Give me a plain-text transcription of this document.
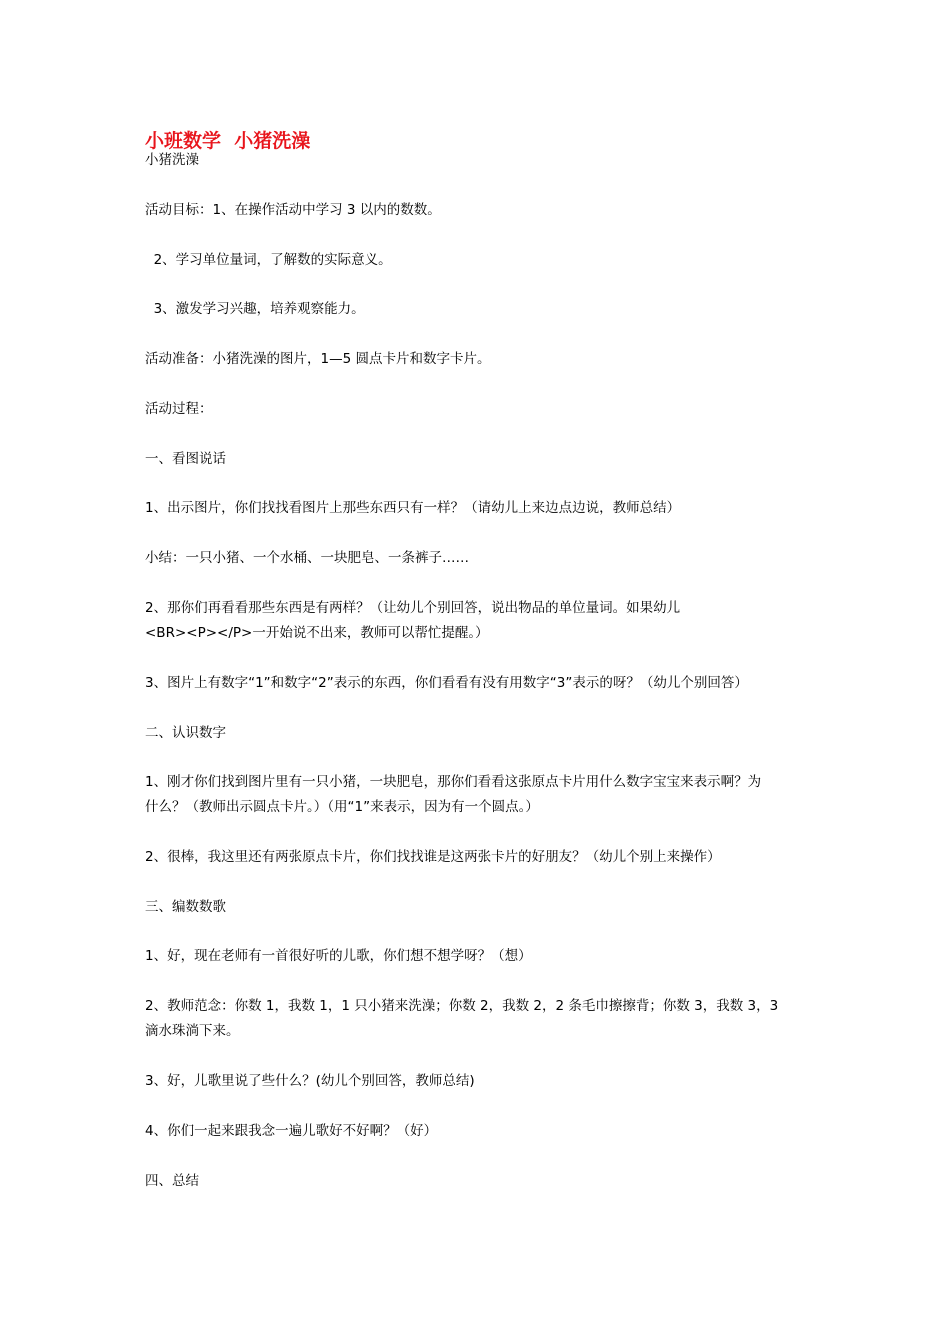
小班数学  小猪洗澡

小猪洗澡

活动目标：1、在操作活动中学习 3 以内的数数。

2、学习单位量词，了解数的实际意义。

3、激发学习兴趣，培养观察能力。

活动准备：小猪洗澡的图片，1—5 圆点卡片和数字卡片。

活动过程：

一、看图说话

1、出示图片，你们找找看图片上那些东西只有一样？（请幼儿上来边点边说，教师总结）

小结：一只小猪、一个水桶、一块肥皂、一条裤子……

2、那你们再看看那些东西是有两样？（让幼儿个别回答，说出物品的单位量词。如果幼儿

<BR><P></P>一开始说不出来，教师可以帮忙提醒。）

3、图片上有数字“1”和数字“2”表示的东西，你们看看有没有用数字“3”表示的呀？（幼儿个别回答）

二、认识数字

1、刚才你们找到图片里有一只小猪，一块肥皂，那你们看看这张原点卡片用什么数字宝宝来表示啊？为

什么？（教师出示圆点卡片。）（用“1”来表示，因为有一个圆点。）

2、很棒，我这里还有两张原点卡片，你们找找谁是这两张卡片的好朋友？（幼儿个别上来操作）

三、编数数歌

1、好，现在老师有一首很好听的儿歌，你们想不想学呀？（想）

2、教师范念：你数 1，我数 1，1 只小猪来洗澡；你数 2，我数 2，2 条毛巾擦擦背；你数 3，我数 3，3

滴水珠淌下来。

3、好，儿歌里说了些什么？(幼儿个别回答，教师总结)

4、你们一起来跟我念一遍儿歌好不好啊？（好）

四、总结
